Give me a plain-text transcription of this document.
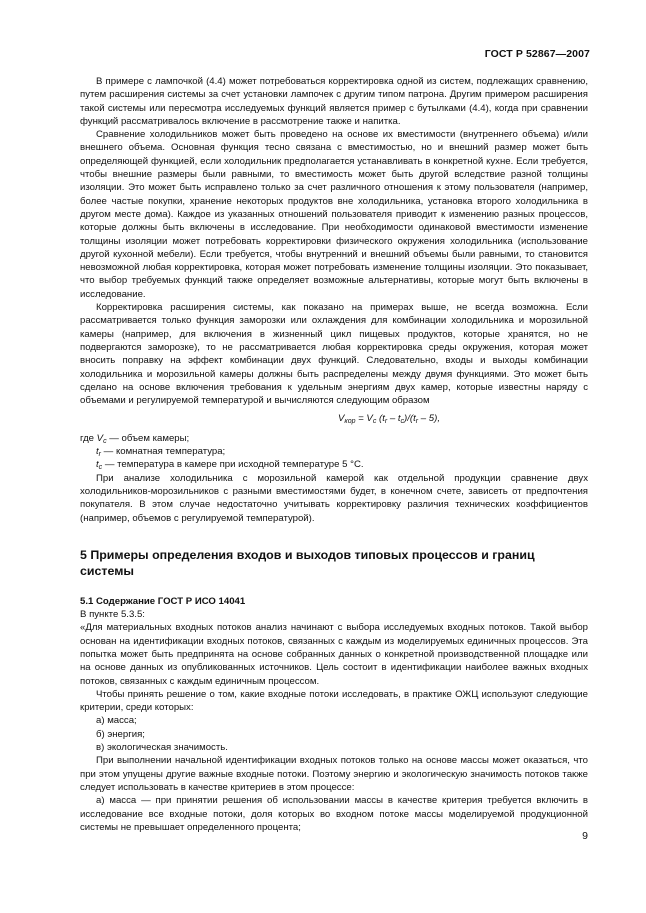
ГОСТ Р 52867—2007

В примере с лампочкой (4.4) может потребоваться корректировка одной из систем, подлежащих сравнению, путем расширения системы за счет установки лампочек с другим типом патрона. Другим примером расширения такой системы или пересмотра исследуемых функций является пример с бутылками (4.4), когда при сравнении функций рассматривалось включение в рассмотрение также и напитка.

Сравнение холодильников может быть проведено на основе их вместимости (внутреннего объема) и/или внешнего объема. Основная функция тесно связана с вместимостью, но и внешний размер может быть определяющей функцией, если холодильник предполагается устанавливать в конкретной кухне. Если требуется, чтобы внешние размеры были равными, то вместимость может быть другой вследствие разной толщины изоляции. Это может быть исправлено только за счет различного отношения к этому пользователя (например, более частые покупки, хранение некоторых продуктов вне холодильника, установка второго холодильника в другом месте дома). Каждое из указанных отношений пользователя приводит к изменению разных процессов, которые должны быть включены в исследование. При необходимости одинаковой вместимости изменение толщины изоляции может потребовать корректировки физического окружения холодильника (использование другой кухонной мебели). Если требуется, чтобы внутренний и внешний объемы были равными, то становится невозможной любая корректировка, которая может потребовать изменение толщины изоляции. Это показывает, что выбор требуемых функций также определяет возможные альтернативы, которые могут быть включены в исследование.

Корректировка расширения системы, как показано на примерах выше, не всегда возможна. Если рассматривается только функция заморозки или охлаждения для комбинации холодильника и морозильной камеры (например, для включения в жизненный цикл пищевых продуктов, которые хранятся, но не подвергаются заморозке), то не рассматривается любая корректировка среды окружения, которая может вносить поправку на эффект комбинации двух функций. Следовательно, входы и выходы комбинации холодильника и морозильной камеры должны быть распределены между двумя функциями. Это может быть сделано на основе включения требования к удельным энергиям двух камер, которые известны наряду с объемами и регулируемой температурой и вычисляются следующим образом

$V_{кор} = V_c$ $(t_r - t_c)/(t_r - 5)$,

где $V_c$ — объем камеры;

$t_r$ — комнатная температура;

$t_c$ — температура в камере при исходной температуре 5 °С.

При анализе холодильника с морозильной камерой как отдельной продукции сравнение двух холодильников-морозильников с разными вместимостями будет, в конечном счете, зависеть от предпочтения покупателя. В этом случае недостаточно учитывать корректировку различия технических коэффициентов (например, объемов с регулируемой температурой).

5 Примеры определения входов и выходов типовых процессов и границ системы

5.1 Содержание ГОСТ Р ИСО 14041

В пункте 5.3.5:

«Для материальных входных потоков анализ начинают с выбора исследуемых входных потоков. Такой выбор основан на идентификации входных потоков, связанных с каждым из моделируемых единичных процессов. Эта попытка может быть предпринята на основе собранных данных о конкретной производственной площадке или на основе данных из опубликованных источников. Цель состоит в идентификации наиболее важных входных потоков, связанных с каждым единичным процессом.

Чтобы принять решение о том, какие входные потоки исследовать, в практике ОЖЦ используют следующие критерии, среди которых:

а) масса;

б) энергия;

в) экологическая значимость.

При выполнении начальной идентификации входных потоков только на основе массы может оказаться, что при этом упущены другие важные входные потоки. Поэтому энергию и экологическую значимость потоков также следует использовать в качестве критериев в этом процессе:

а) масса — при принятии решения об использовании массы в качестве критерия требуется включить в исследование все входные потоки, доля которых во входном потоке массы моделируемой продукционной системы не превышает определенного процента;

9
